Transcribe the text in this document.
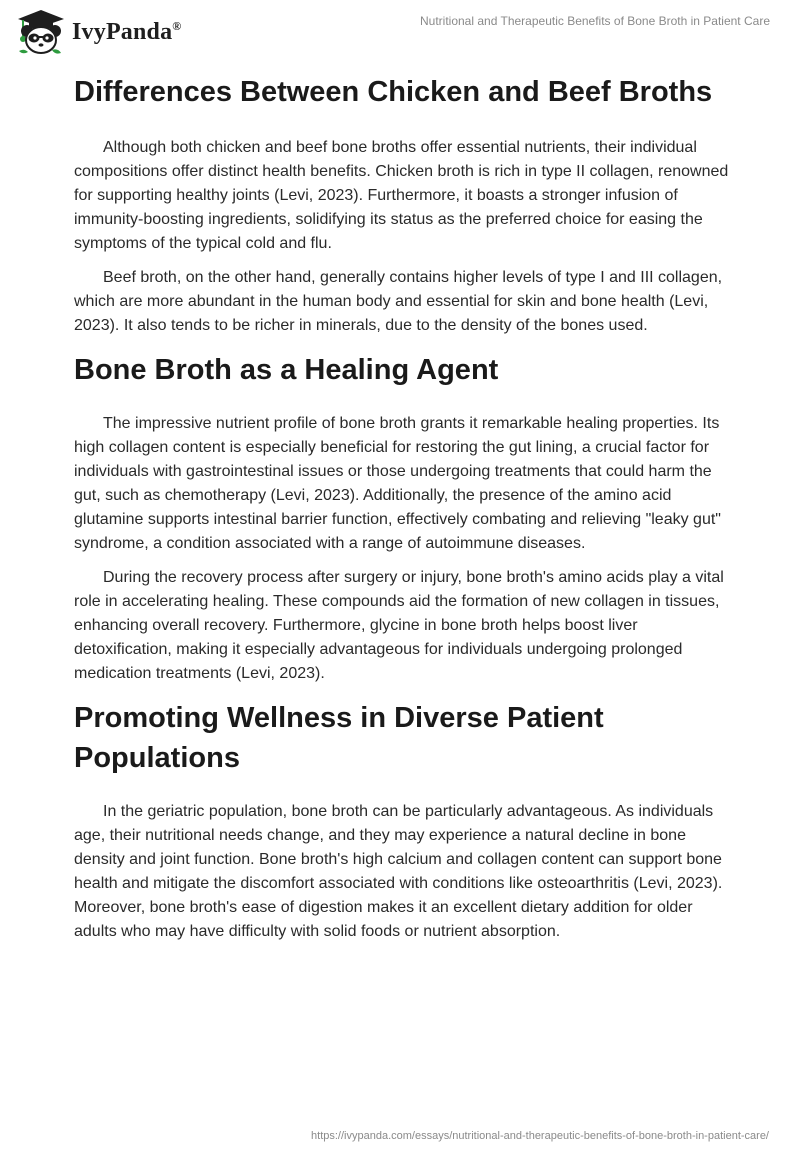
IvyPanda®	Nutritional and Therapeutic Benefits of Bone Broth in Patient Care
Differences Between Chicken and Beef Broths

Although both chicken and beef bone broths offer essential nutrients, their individual compositions offer distinct health benefits. Chicken broth is rich in type II collagen, renowned for supporting healthy joints (Levi, 2023). Furthermore, it boasts a stronger infusion of immunity-boosting ingredients, solidifying its status as the preferred choice for easing the symptoms of the typical cold and flu.

Beef broth, on the other hand, generally contains higher levels of type I and III collagen, which are more abundant in the human body and essential for skin and bone health (Levi, 2023). It also tends to be richer in minerals, due to the density of the bones used.

Bone Broth as a Healing Agent

The impressive nutrient profile of bone broth grants it remarkable healing properties. Its high collagen content is especially beneficial for restoring the gut lining, a crucial factor for individuals with gastrointestinal issues or those undergoing treatments that could harm the gut, such as chemotherapy (Levi, 2023). Additionally, the presence of the amino acid glutamine supports intestinal barrier function, effectively combating and relieving "leaky gut" syndrome, a condition associated with a range of autoimmune diseases.

During the recovery process after surgery or injury, bone broth's amino acids play a vital role in accelerating healing. These compounds aid the formation of new collagen in tissues, enhancing overall recovery. Furthermore, glycine in bone broth helps boost liver detoxification, making it especially advantageous for individuals undergoing prolonged medication treatments (Levi, 2023).

Promoting Wellness in Diverse Patient Populations

In the geriatric population, bone broth can be particularly advantageous. As individuals age, their nutritional needs change, and they may experience a natural decline in bone density and joint function. Bone broth's high calcium and collagen content can support bone health and mitigate the discomfort associated with conditions like osteoarthritis (Levi, 2023). Moreover, bone broth's ease of digestion makes it an excellent dietary addition for older adults who may have difficulty with solid foods or nutrient absorption.

https://ivypanda.com/essays/nutritional-and-therapeutic-benefits-of-bone-broth-in-patient-care/
